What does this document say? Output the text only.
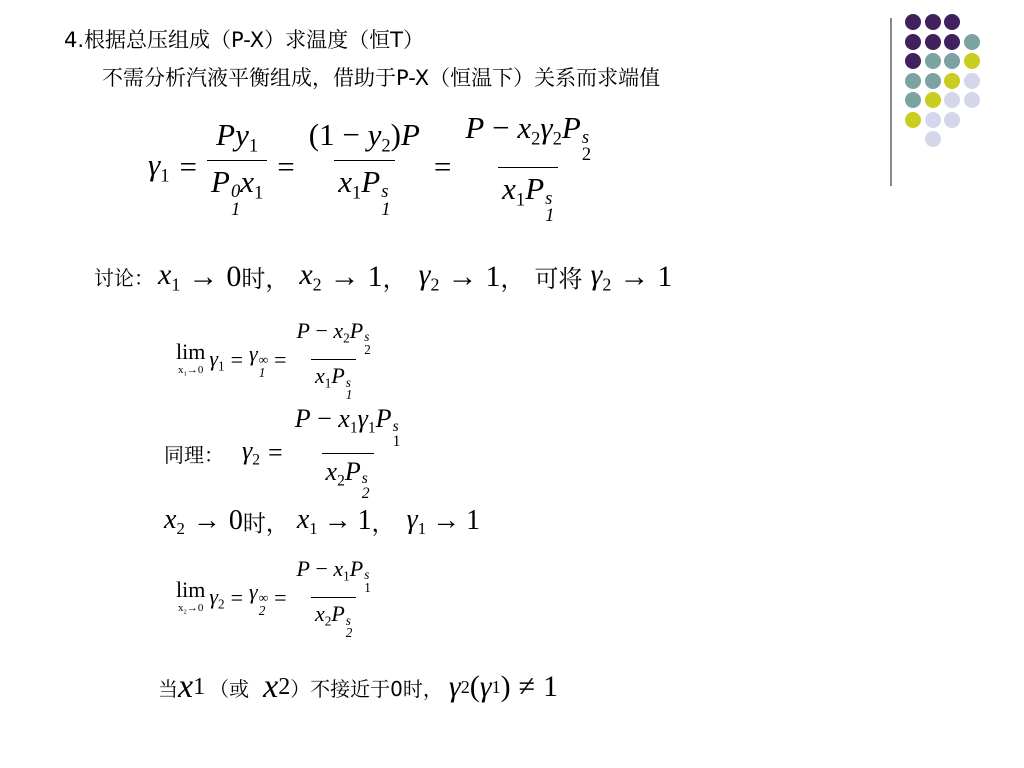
4.根据总压组成（P-X）求温度（恒T）
不需分析汽液平衡组成，借助于P-X（恒温下）关系而求端值
$\gamma_1 = Py_1$
P 0
1
$x_1 = (1 - y_2)P$
$x_1P$ s
$1 = P - x_2\gamma_2P$ s
2
$x_1P$ s
1
讨论： $x_1 \to 0$ 时， $x_2 \to 1$ ， $\gamma_2 \to 1$ ， 可将 $\gamma_2 \to 1$
lim
$x_1\to 0$ $\gamma_1 = \gamma$ ∞
1
= $P - x_2P$ s
2
$x_1P$ s
1
同理： $\gamma_2 = P - x_1\gamma_1P$ s
1
$x_2P$ s
2
$x_2 \to 0$ 时， $x_1 \to 1$ ， $\gamma_1 \to 1$
lim
$x_2\to 0$ $\gamma_2 = \gamma$ ∞
2
= $P - x_1P$ s
1
$x_2P$ s
2
当 x 1 （或 x 2 ）不接近于0时， γ 2 ( γ 1 ) ≠ 1
